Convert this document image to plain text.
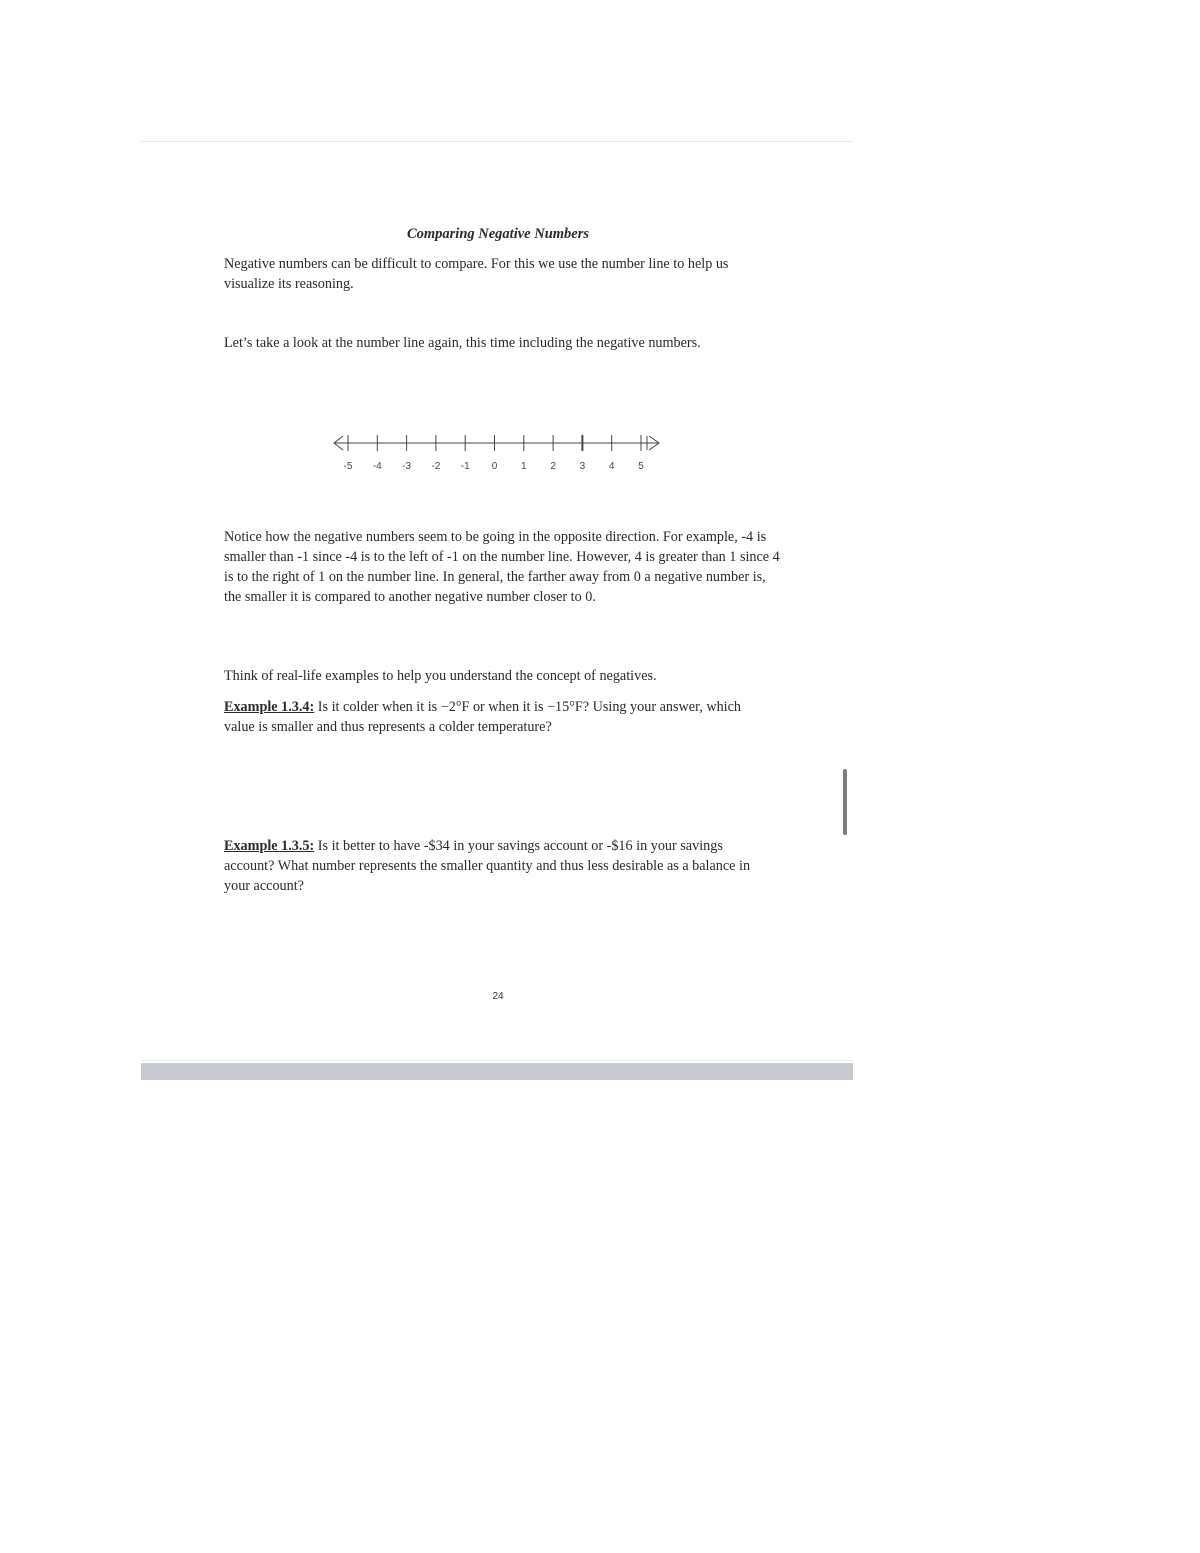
Comparing Negative Numbers

Negative numbers can be difficult to compare. For this we use the number line to help us visualize its reasoning.

Let’s take a look at the number line again, this time including the negative numbers.

-5 -4 -3 -2 -1 0 1 2 3 4 5

Notice how the negative numbers seem to be going in the opposite direction. For example, -4 is smaller than -1 since -4 is to the left of -1 on the number line. However, 4 is greater than 1 since 4 is to the right of 1 on the number line. In general, the farther away from 0 a negative number is, the smaller it is compared to another negative number closer to 0.

Think of real-life examples to help you understand the concept of negatives.

Example 1.3.4: Is it colder when it is −2°F or when it is −15°F? Using your answer, which value is smaller and thus represents a colder temperature?

Example 1.3.5: Is it better to have -$34 in your savings account or -$16 in your savings account? What number represents the smaller quantity and thus less desirable as a balance in your account?

24
